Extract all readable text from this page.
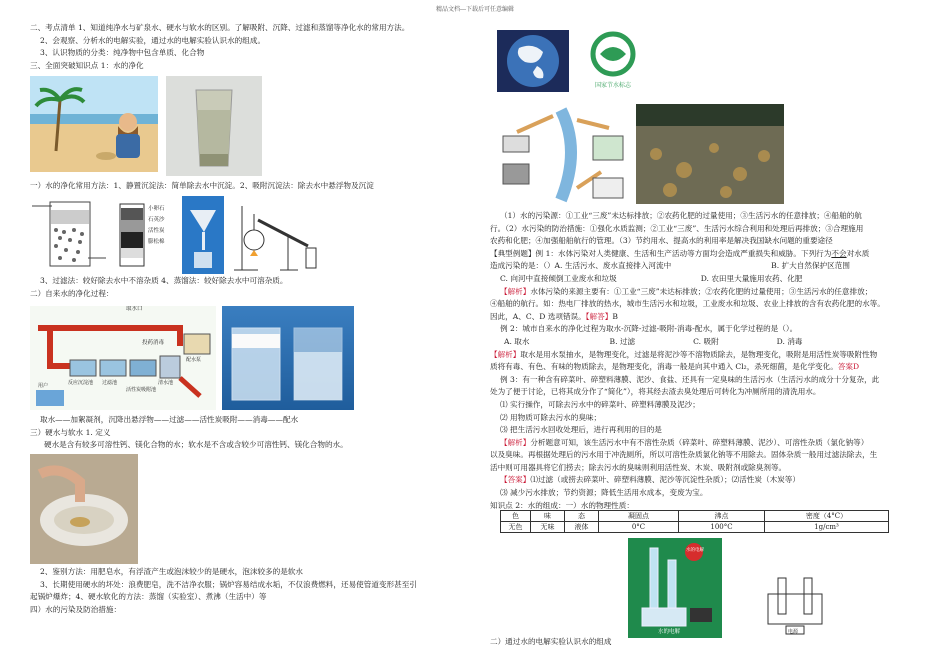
精品文档---下载后可任意编辑

二、考点清单 1、知道纯净水与矿泉水、硬水与软水的区别。了解吸附、沉降、过滤和蒸馏等净化水的常用方法。

2、会观察、分析水的电解实验，通过水的电解实验认识水的组成。

3、认识物质的分类：纯净物中包含单质、化合物

三、全面突破知识点 1：水的净化

一）水的净化常用方法：1、静置沉淀法：简单除去水中沉淀。2、吸附沉淀法：除去水中悬浮物及沉淀

小卵石
石英沙
活性炭
膨松棉

3、过滤法：较好除去水中不溶杂质 4、蒸馏法：较好除去水中可溶杂质。

二）自来水的净化过程：

取水口
投药消毒
反应沉淀池 过滤池
活性炭吸附池
清水池
配水泵
用户

取水——加絮凝剂，沉降出悬浮物——过滤——活性炭吸附——消毒——配水

三）硬水与软水 1. 定义

硬水是含有较多可溶性钙、镁化合物的水；软水是不含或含较少可溶性钙、镁化合物的水。

2、鉴别方法：用肥皂水，有浮渣产生或泡沫较少的是硬水，泡沫较多的是软水

3、长期使用硬水的坏处：浪费肥皂，洗不洁净衣服；锅炉容易结成水垢，不仅浪费燃料，还易使管道变形甚至引

起锅炉爆炸；4、硬水软化的方法：蒸馏（实验室）、煮沸（生活中）等

四）水的污染及防治措施：

国家节水标志

（1）水的污染源：①工业“三废”未达标排放；②农药化肥的过量使用；③生活污水的任意排放；④船舶的航

行。（2）水污染的防治措施：①强化水质监测；②工业“三废”、生活污水综合利用和处理后再排放；③合理施用

农药和化肥；④加强船舶航行的管理。（3）节约用水、提高水的利用率是解决我国缺水问题的重要途径

【典型例题】例 1：水体污染对人类健康、生活和生产活动等方面均会造成严重损失和威胁。下列行为不会对水质

造成污染的是：（）A. 生活污水、废水直接排入河流中	B. 扩大自然保护区范围

C. 向河中直接倾倒工业废水和垃圾	D. 农田里大量施用农药、化肥

【解析】水体污染的来源主要有：①工业“三废”未达标排放；②农药化肥的过量使用；③生活污水的任意排放；

④船舶的航行。如：热电厂排放的热水，城市生活污水和垃圾，工业废水和垃圾、农业上排放的含有农药化肥的水等。

因此，A、C、D 选项错误。【解答】B

例 2：城市自来水的净化过程为取水-沉降-过滤-吸附-消毒-配水，属于化学过程的是（）。

A. 取水	B. 过滤	C. 吸附	D. 消毒

【解析】取水是用水泵抽水，是物理变化，过滤是将泥沙等不溶物质除去，是物理变化，吸附是用活性炭等吸附性物

质将有毒、有色、有味的物质除去，是物理变化，消毒一般是向其中通入 Cl₂，杀死细菌，是化学变化。答案D

例 3：有一种含有碎菜叶、碎塑料薄膜、泥沙、食盐、还具有一定臭味的生活污水（生活污水的成分十分复杂，此

处为了便于讨论，已将其成分作了“简化”），将其经去渣去臭处理后可转化为冲厕所用的清洗用水。

⑴ 实行操作，可除去污水中的碎菜叶、碎塑料薄膜及泥沙；

⑵ 用物质可除去污水的臭味；

⑶ 把生活污水回收处理后，进行再利用的目的是

【解析】分析题意可知，该生活污水中有不溶性杂质（碎菜叶、碎塑料薄膜、泥沙）、可溶性杂质（氯化钠等）

以及臭味。再根据处理后的污水用于冲洗厕所，所以可溶性杂质氯化钠等不用除去。固体杂质一般用过滤法除去，生

活中则可用器具将它们捞去；除去污水的臭味则利用活性炭、木炭、吸附剂或除臭剂等。

【答案】⑴过滤（或捞去碎菜叶、碎塑料薄膜、泥沙等沉淀性杂质）；⑵活性炭（木炭等）

⑶ 减少污水排放；节约资源；降低生活用水成本，变废为宝。

知识点 2：水的组成：一）水的物理性质：

色	味	态	凝固点	沸点	密度（4°C）
无色	无味	液体	0°C	100°C	1g/cm³
水的电解
水的电解	电源

二）通过水的电解实验认识水的组成
